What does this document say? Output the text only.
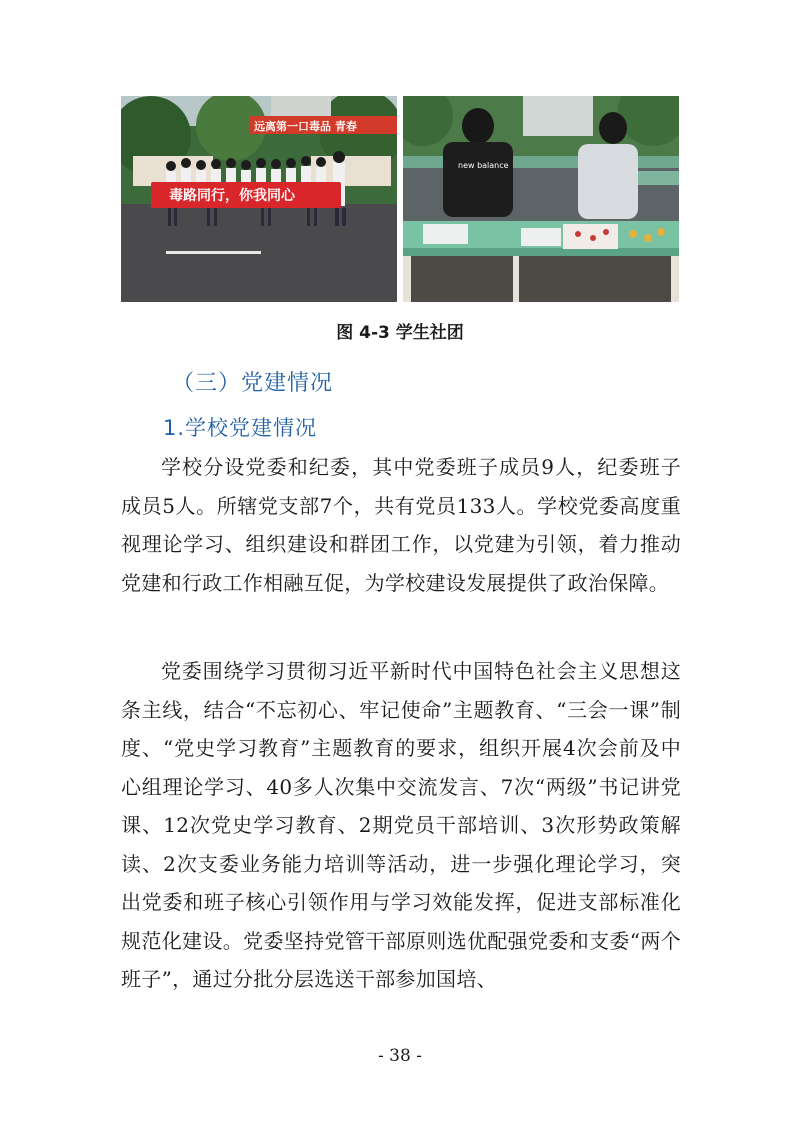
远离第一口毒品 青春
毒路同行，你我同心
new balance
图 4-3 学生社团
（三）党建情况
1.学校党建情况

学校分设党委和纪委，其中党委班子成员9人，纪委班子成员5人。所辖党支部7个，共有党员133人。学校党委高度重视理论学习、组织建设和群团工作，以党建为引领，着力推动党建和行政工作相融互促，为学校建设发展提供了政治保障。

党委围绕学习贯彻习近平新时代中国特色社会主义思想这条主线，结合“不忘初心、牢记使命”主题教育、“三会一课”制度、“党史学习教育”主题教育的要求，组织开展4次会前及中心组理论学习、40多人次集中交流发言、7次“两级”书记讲党课、12次党史学习教育、2期党员干部培训、3次形势政策解读、2次支委业务能力培训等活动，进一步强化理论学习，突出党委和班子核心引领作用与学习效能发挥，促进支部标准化规范化建设。党委坚持党管干部原则选优配强党委和支委“两个班子”，通过分批分层选送干部参加国培、

- 38 -
